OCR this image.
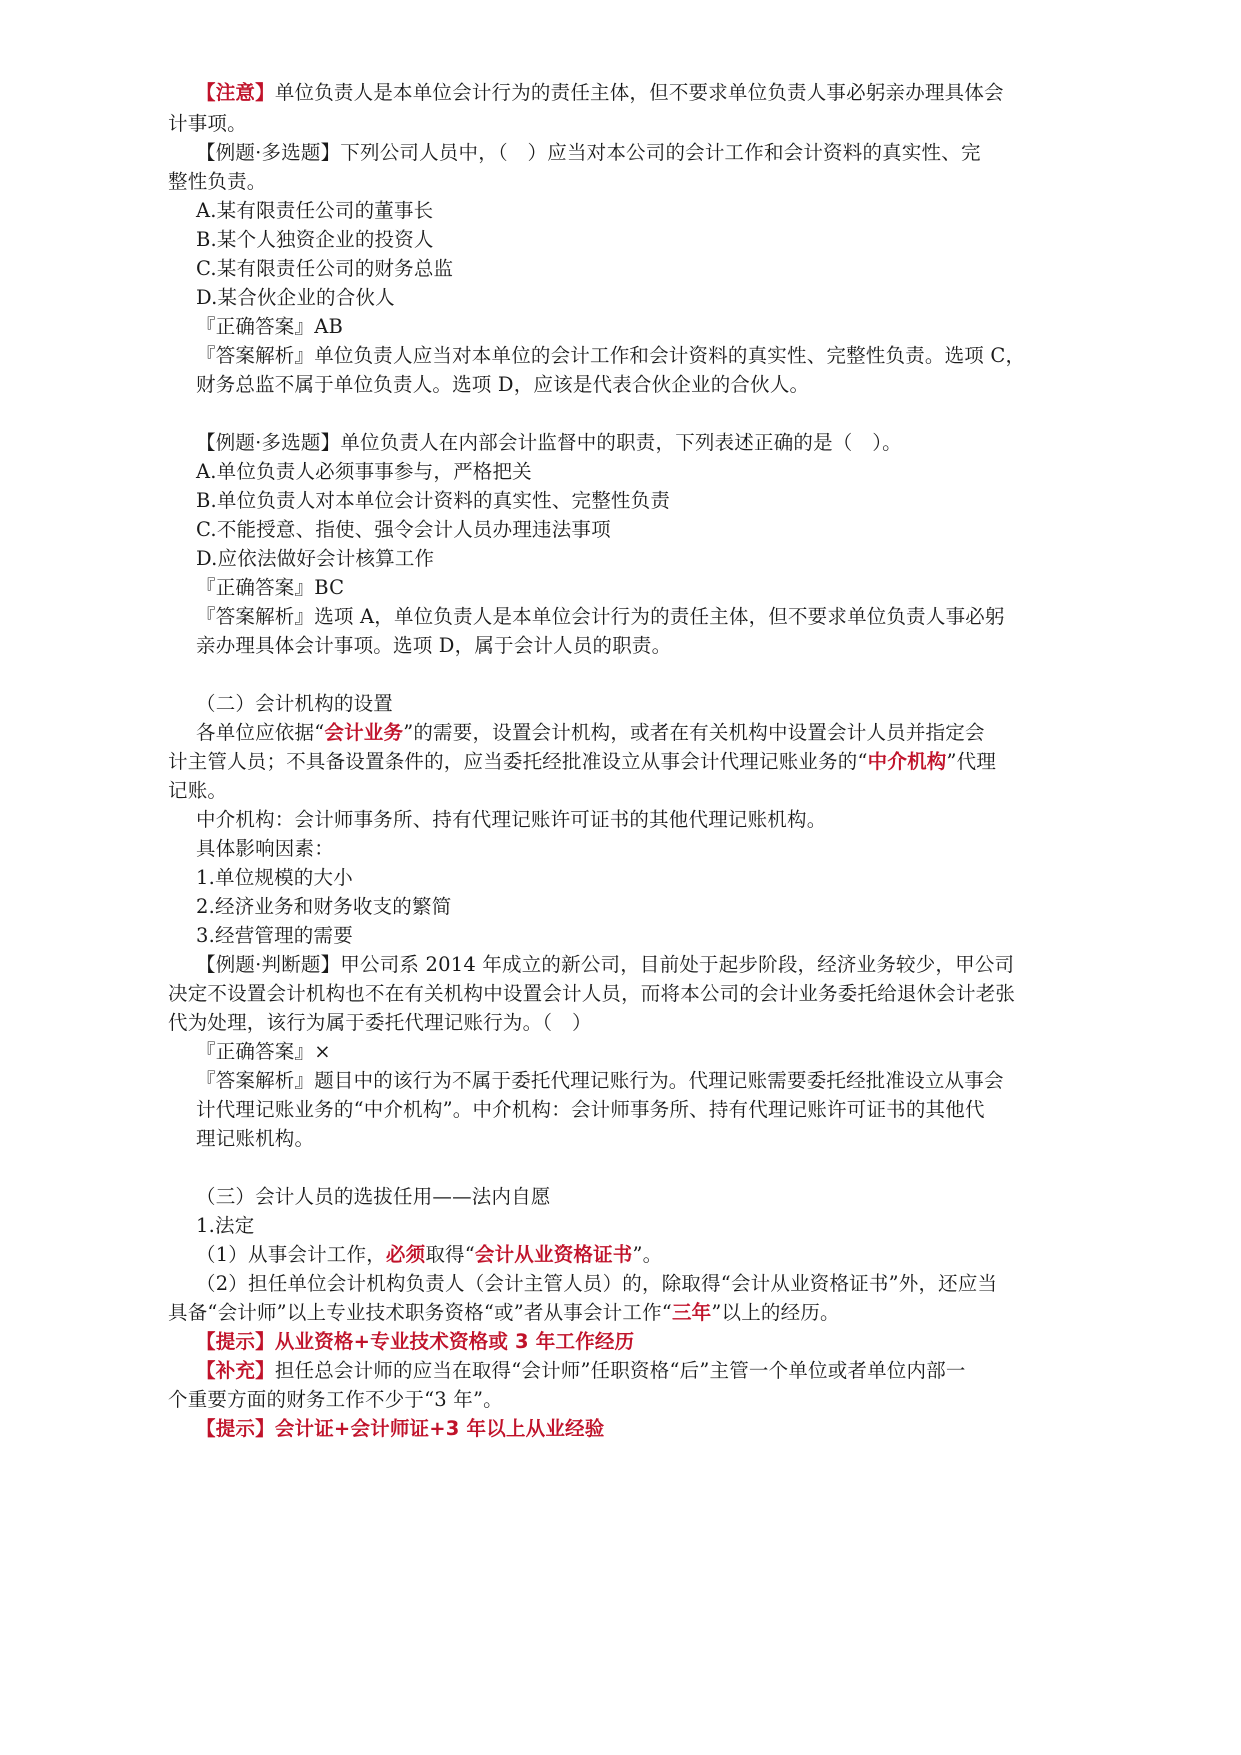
【注意】单位负责人是本单位会计行为的责任主体，但不要求单位负责人事必躬亲办理具体会
计事项。
【例题·多选题】下列公司人员中，（　）应当对本公司的会计工作和会计资料的真实性、完
整性负责。
A.某有限责任公司的董事长
B.某个人独资企业的投资人
C.某有限责任公司的财务总监
D.某合伙企业的合伙人
『正确答案』AB
『答案解析』单位负责人应当对本单位的会计工作和会计资料的真实性、完整性负责。选项 C，
财务总监不属于单位负责人。选项 D，应该是代表合伙企业的合伙人。
【例题·多选题】单位负责人在内部会计监督中的职责，下列表述正确的是（　）。
A.单位负责人必须事事参与，严格把关
B.单位负责人对本单位会计资料的真实性、完整性负责
C.不能授意、指使、强令会计人员办理违法事项
D.应依法做好会计核算工作
『正确答案』BC
『答案解析』选项 A，单位负责人是本单位会计行为的责任主体，但不要求单位负责人事必躬
亲办理具体会计事项。选项 D，属于会计人员的职责。
（二）会计机构的设置
各单位应依据“会计业务”的需要，设置会计机构，或者在有关机构中设置会计人员并指定会
计主管人员；不具备设置条件的，应当委托经批准设立从事会计代理记账业务的“中介机构”代理
记账。
中介机构：会计师事务所、持有代理记账许可证书的其他代理记账机构。
具体影响因素：
1.单位规模的大小
2.经济业务和财务收支的繁简
3.经营管理的需要
【例题·判断题】甲公司系 2014 年成立的新公司，目前处于起步阶段，经济业务较少，甲公司
决定不设置会计机构也不在有关机构中设置会计人员，而将本公司的会计业务委托给退休会计老张
代为处理，该行为属于委托代理记账行为。（　）
『正确答案』×
『答案解析』题目中的该行为不属于委托代理记账行为。代理记账需要委托经批准设立从事会
计代理记账业务的“中介机构”。中介机构：会计师事务所、持有代理记账许可证书的其他代
理记账机构。
（三）会计人员的选拔任用——法内自愿
1.法定
（1）从事会计工作，必须取得“会计从业资格证书”。
（2）担任单位会计机构负责人（会计主管人员）的，除取得“会计从业资格证书”外，还应当
具备“会计师”以上专业技术职务资格“或”者从事会计工作“三年”以上的经历。
【提示】从业资格+专业技术资格或 3 年工作经历
【补充】担任总会计师的应当在取得“会计师”任职资格“后”主管一个单位或者单位内部一
个重要方面的财务工作不少于“3 年”。
【提示】会计证+会计师证+3 年以上从业经验
